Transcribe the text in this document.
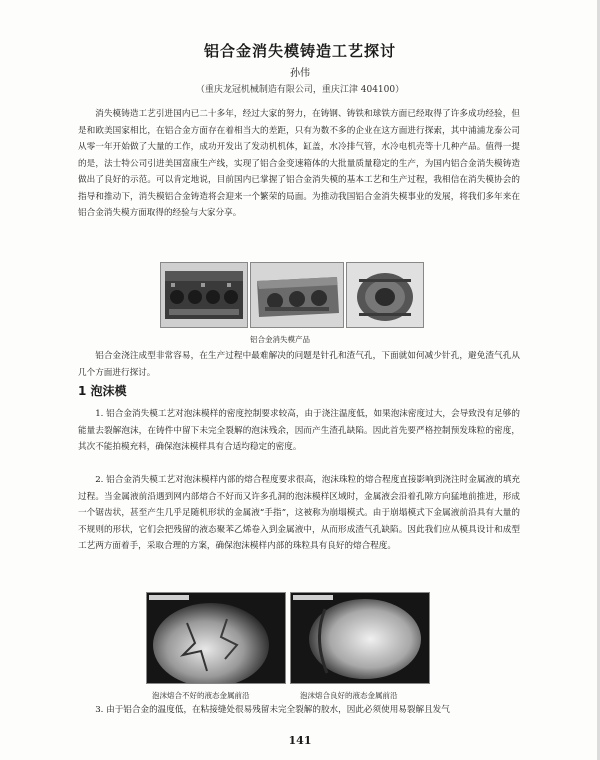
铝合金消失模铸造工艺探讨
孙伟
（重庆龙冠机械制造有限公司，重庆江津 404100）

消失模铸造工艺引进国内已二十多年，经过大家的努力，在铸钢、铸铁和球铁方面已经取得了许多成功经验，但是和欧美国家相比，在铝合金方面存在着相当大的差距，只有为数不多的企业在这方面进行探索，其中浦浦龙泰公司从零一年开始做了大量的工作，成功开发出了发动机机体，缸盖，水冷排气管，水冷电机壳等十几种产品。值得一提的是，法士特公司引进美国富康生产线，实现了铝合金变速箱体的大批量质量稳定的生产，为国内铝合金消失模铸造做出了良好的示范。可以肯定地说，目前国内已掌握了铝合金消失模的基本工艺和生产过程，我相信在消失模协会的指导和推动下，消失模铝合金铸造将会迎来一个繁荣的局面。为推动我国铝合金消失模事业的发展，将我们多年来在铝合金消失模方面取得的经验与大家分享。

铝合金消失模产品

铝合金浇注成型非常容易，在生产过程中最难解决的问题是针孔和渣气孔，下面就如何减少针孔，避免渣气孔从几个方面进行探讨。

1 泡沫模

1. 铝合金消失模工艺对泡沫模样的密度控制要求较高，由于浇注温度低，如果泡沫密度过大，会导致没有足够的能量去裂解泡沫，在铸件中留下未完全裂解的泡沫残余，因而产生渣孔缺陷。因此首先要严格控制预发珠粒的密度，其次不能拍模充料，确保泡沫模样具有合适均稳定的密度。

2. 铝合金消失模工艺对泡沫模样内部的熔合程度要求很高，泡沫珠粒的熔合程度直接影响到浇注时金属液的填充过程。当金属液前沿遇到网内部熔合不好而又许多孔洞的泡沫模样区域时，金属液会沿着孔隙方向猛地前推进，形成一个锯齿状，甚至产生几乎足随机形状的金属液“手指”，这被称为崩塌模式。由于崩塌模式下金属液前沿具有大量的不规则的形状，它们会把残留的液态聚苯乙烯卷入到金属液中，从而形成渣气孔缺陷。因此我们应从模具设计和成型工艺两方面着手，采取合理的方案，确保泡沫模样内部的珠粒具有良好的熔合程度。

泡沫熔合不好的液态金属前沿	泡沫熔合良好的液态金属前沿

3. 由于铝合金的温度低，在粘接缝处很易残留未完全裂解的胶水，因此必须使用易裂解且发气

141
